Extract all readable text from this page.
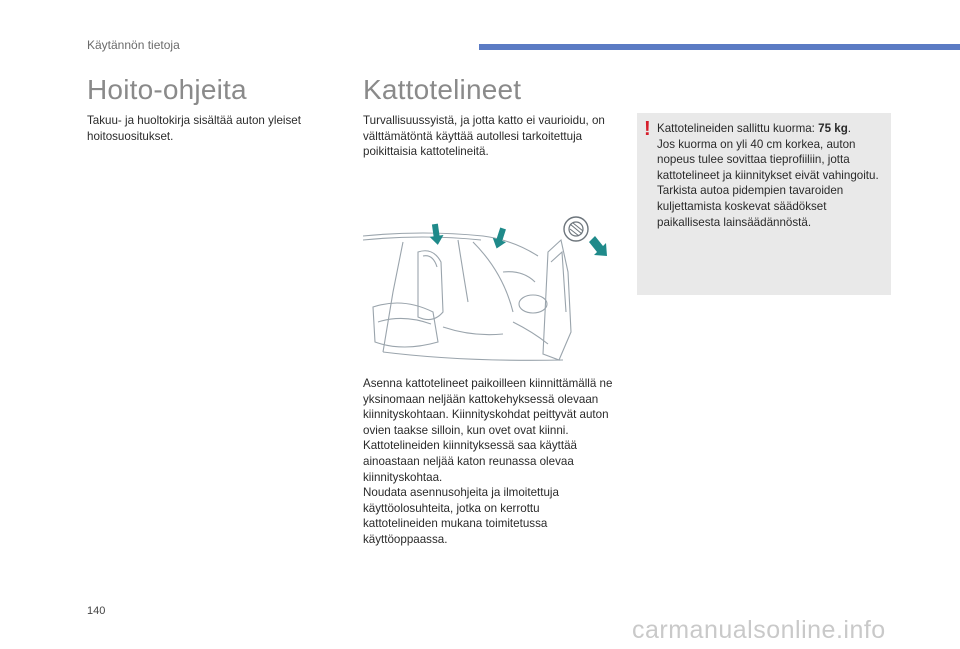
Käytännön tietoja
Hoito-ohjeita
Takuu- ja huoltokirja sisältää auton yleiset hoitosuositukset.
Kattotelineet
Turvallisuussyistä, ja jotta katto ei vaurioidu, on välttämätöntä käyttää autollesi tarkoitettuja poikittaisia kattotelineitä.

Asenna kattotelineet paikoilleen kiinnittämällä ne yksinomaan neljään kattokehyksessä olevaan kiinnityskohtaan. Kiinnityskohdat peittyvät auton ovien taakse silloin, kun ovet ovat kiinni.

Kattotelineiden kiinnityksessä saa käyttää ainoastaan neljää katon reunassa olevaa kiinnityskohtaa.

Noudata asennusohjeita ja ilmoitettuja käyttöolosuhteita, jotka on kerrottu kattotelineiden mukana toimitetussa käyttöoppaassa.

! Kattotelineiden sallittu kuorma: 75 kg.

Jos kuorma on yli 40 cm korkea, auton nopeus tulee sovittaa tieprofiiliin, jotta kattotelineet ja kiinnitykset eivät vahingoitu.

Tarkista autoa pidempien tavaroiden kuljettamista koskevat säädökset paikallisesta lainsäädännöstä.

140
carmanualsonline.info
